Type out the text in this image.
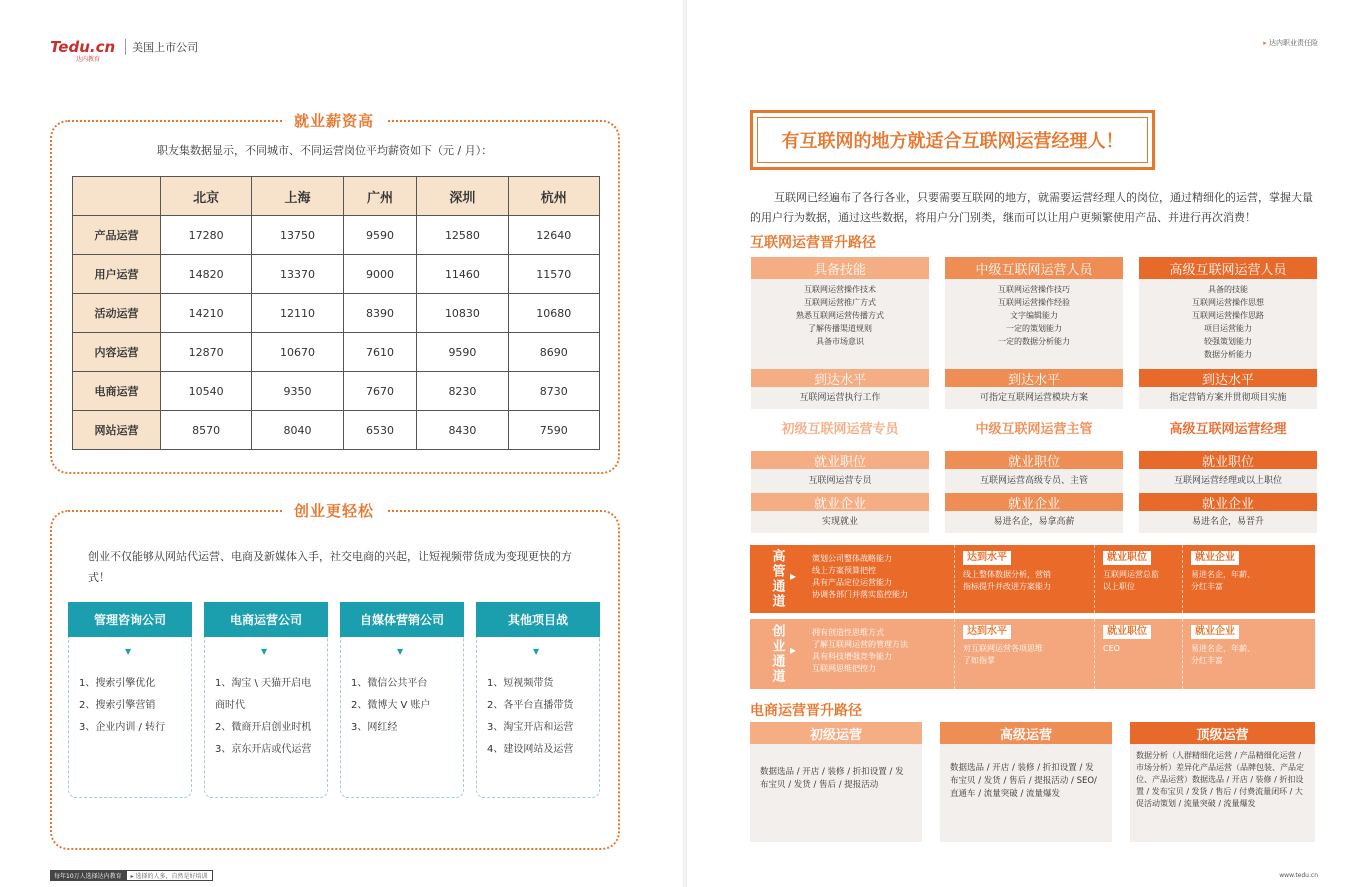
Tedu.cn
达内教育
美国上市公司
就业薪资高
职友集数据显示，不同城市、不同运营岗位平均薪资如下（元 / 月）：
	北京	上海	广州	深圳	杭州
产品运营	17280	13750	9590	12580	12640
用户运营	14820	13370	9000	11460	11570
活动运营	14210	12110	8390	10830	10680
内容运营	12870	10670	7610	9590	8690
电商运营	10540	9350	7670	8230	8730
网站运营	8570	8040	6530	8430	7590
创业更轻松
创业不仅能够从网站代运营、电商及新媒体入手，社交电商的兴起，让短视频带货成为变现更快的方式！
管理咨询公司
▼
1、搜索引擎优化
2、搜索引擎营销
3、企业内训 / 转行
电商运营公司
▼
1、淘宝 \ 天猫开启电商时代
2、微商开启创业时机
3、京东开店或代运营
自媒体营销公司
▼
1、微信公共平台
2、微博大 V 账户
3、网红经
其他项目战
▼
1、短视频带货
2、各平台直播带货
3、淘宝开店和运营
4、建设网站及运营
每年10万人选择达内教育	▸ 选择的人多，自然是好培训
▸ 达内职业责任险
有互联网的地方就适合互联网运营经理人！
互联网已经遍布了各行各业，只要需要互联网的地方，就需要运营经理人的岗位，通过精细化的运营，掌握大量的用户行为数据，通过这些数据，将用户分门别类，继而可以让用户更频繁使用产品、并进行再次消费！
互联网运营晋升路径
具备技能
互联网运营操作技术
互联网运营推广方式
熟悉互联网运营传播方式
了解传播渠道规则
具备市场意识
到达水平
互联网运营执行工作
初级互联网运营专员
就业职位
互联网运营专员
就业企业
实现就业
中级互联网运营人员
互联网运营操作技巧
互联网运营操作经验
文字编辑能力
一定的策划能力
一定的数据分析能力
到达水平
可指定互联网运营模块方案
中级互联网运营主管
就业职位
互联网运营高级专员、主管
就业企业
易进名企，易拿高薪
高级互联网运营人员
具备的技能
互联网运营操作思想
互联网运营操作思路
项目运营能力
较强策划能力
数据分析能力
到达水平
指定营销方案并贯彻项目实施
高级互联网运营经理
就业职位
互联网运营经理或以上职位
就业企业
易进名企，易晋升
高管通道 ▸	策划公司整体战略能力
线上方案预算把控
具有产品定位运营能力
协调各部门并落实监控能力
达到水平
线上整体数据分析，营销
指标提升并改进方案能力
就业职位
互联网运营总监
以上职位
就业企业
易进名企，年薪、
分红丰富
创业通道 ▸	拥有创造性思维方式
了解互联网运营的管理方法
具有科技增强竞争能力
互联网思维把控力
达到水平
对互联网运营各项思维
了如指掌
就业职位
CEO
就业企业
易进名企，年薪、
分红丰富
电商运营晋升路径
初级运营
数据选品 / 开店 / 装修 / 折扣设置 / 发布宝贝 / 发货 / 售后 / 提报活动
高级运营
数据选品 / 开店 / 装修 / 折扣设置 / 发布宝贝 / 发货 / 售后 / 提报活动 / SEO/ 直通车 / 流量突破 / 流量爆发
顶级运营
数据分析（人群精细化运营 / 产品精细化运营 / 市场分析）差异化产品运营（品牌包装、产品定位、产品运营）数据选品 / 开店 / 装修 / 折扣设置 / 发布宝贝 / 发货 / 售后 / 付费流量闭环 / 大促活动策划 / 流量突破 / 流量爆发
www.tedu.cn
